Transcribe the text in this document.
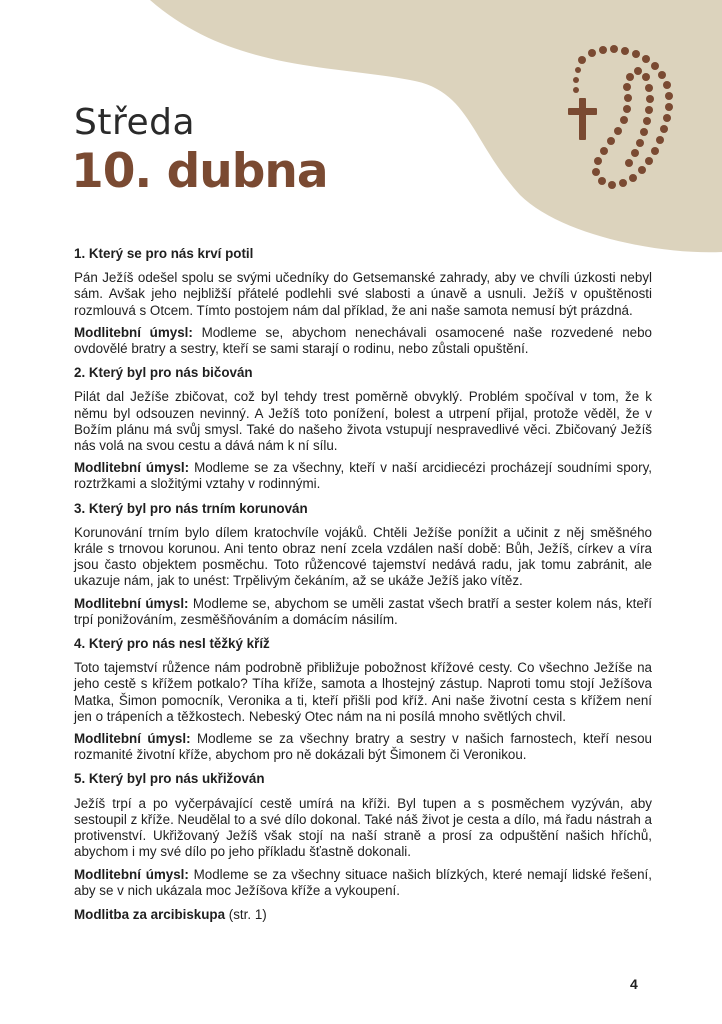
Středa
10. dubna
1. Který se pro nás krví potil
Pán Ježíš odešel spolu se svými učedníky do Getsemanské zahrady, aby ve chvíli úzkosti nebyl sám. Avšak jeho nejbližší přátelé podlehli své slabosti a únavě a usnuli. Ježíš v opuštěnosti rozmlouvá s Otcem. Tímto postojem nám dal příklad, že ani naše samota nemusí být prázdná.
Modlitební úmysl: Modleme se, abychom nenechávali osamocené naše rozvedené nebo ovdovělé bratry a sestry, kteří se sami starají o rodinu, nebo zůstali opuštění.
2. Který byl pro nás bičován
Pilát dal Ježíše zbičovat, což byl tehdy trest poměrně obvyklý. Problém spočíval v tom, že k němu byl odsouzen nevinný. A Ježíš toto ponížení, bolest a utrpení přijal, protože věděl, že v Božím plánu má svůj smysl. Také do našeho života vstupují nespravedlivé věci. Zbičovaný Ježíš nás volá na svou cestu a dává nám k ní sílu.
Modlitební úmysl: Modleme se za všechny, kteří v naší arcidiecézi procházejí soudními spory, roztržkami a složitými vztahy v rodinnými.
3. Který byl pro nás trním korunován
Korunování trním bylo dílem kratochvíle vojáků. Chtěli Ježíše ponížit a učinit z něj směšného krále s trnovou korunou. Ani tento obraz není zcela vzdálen naší době: Bůh, Ježíš, církev a víra jsou často objektem posměchu. Toto růžencové tajemství nedává radu, jak tomu zabránit, ale ukazuje nám, jak to unést: Trpělivým čekáním, až se ukáže Ježíš jako vítěz.
Modlitební úmysl: Modleme se, abychom se uměli zastat všech bratří a sester kolem nás, kteří trpí ponižováním, zesměšňováním a domácím násilím.
4. Který pro nás nesl těžký kříž
Toto tajemství růžence nám podrobně přibližuje pobožnost křížové cesty. Co všechno Ježíše na jeho cestě s křížem potkalo? Tíha kříže, samota a lhostejný zástup. Naproti tomu stojí Ježíšova Matka, Šimon pomocník, Veronika a ti, kteří přišli pod kříž. Ani naše životní cesta s křížem není jen o trápeních a těžkostech. Nebeský Otec nám na ni posílá mnoho světlých chvil.
Modlitební úmysl: Modleme se za všechny bratry a sestry v našich farnostech, kteří nesou rozmanité životní kříže, abychom pro ně dokázali být Šimonem či Veronikou.
5. Který byl pro nás ukřižován
Ježíš trpí a po vyčerpávající cestě umírá na kříži. Byl tupen a s posměchem vyzýván, aby sestoupil z kříže. Neudělal to a své dílo dokonal. Také náš život je cesta a dílo, má řadu nástrah a protivenství. Ukřižovaný Ježíš však stojí na naší straně a prosí za odpuštění našich hříchů, abychom i my své dílo po jeho příkladu šťastně dokonali.
Modlitební úmysl: Modleme se za všechny situace našich blízkých, které nemají lidské řešení, aby se v nich ukázala moc Ježíšova kříže a vykoupení.
Modlitba za arcibiskupa (str. 1)
4
